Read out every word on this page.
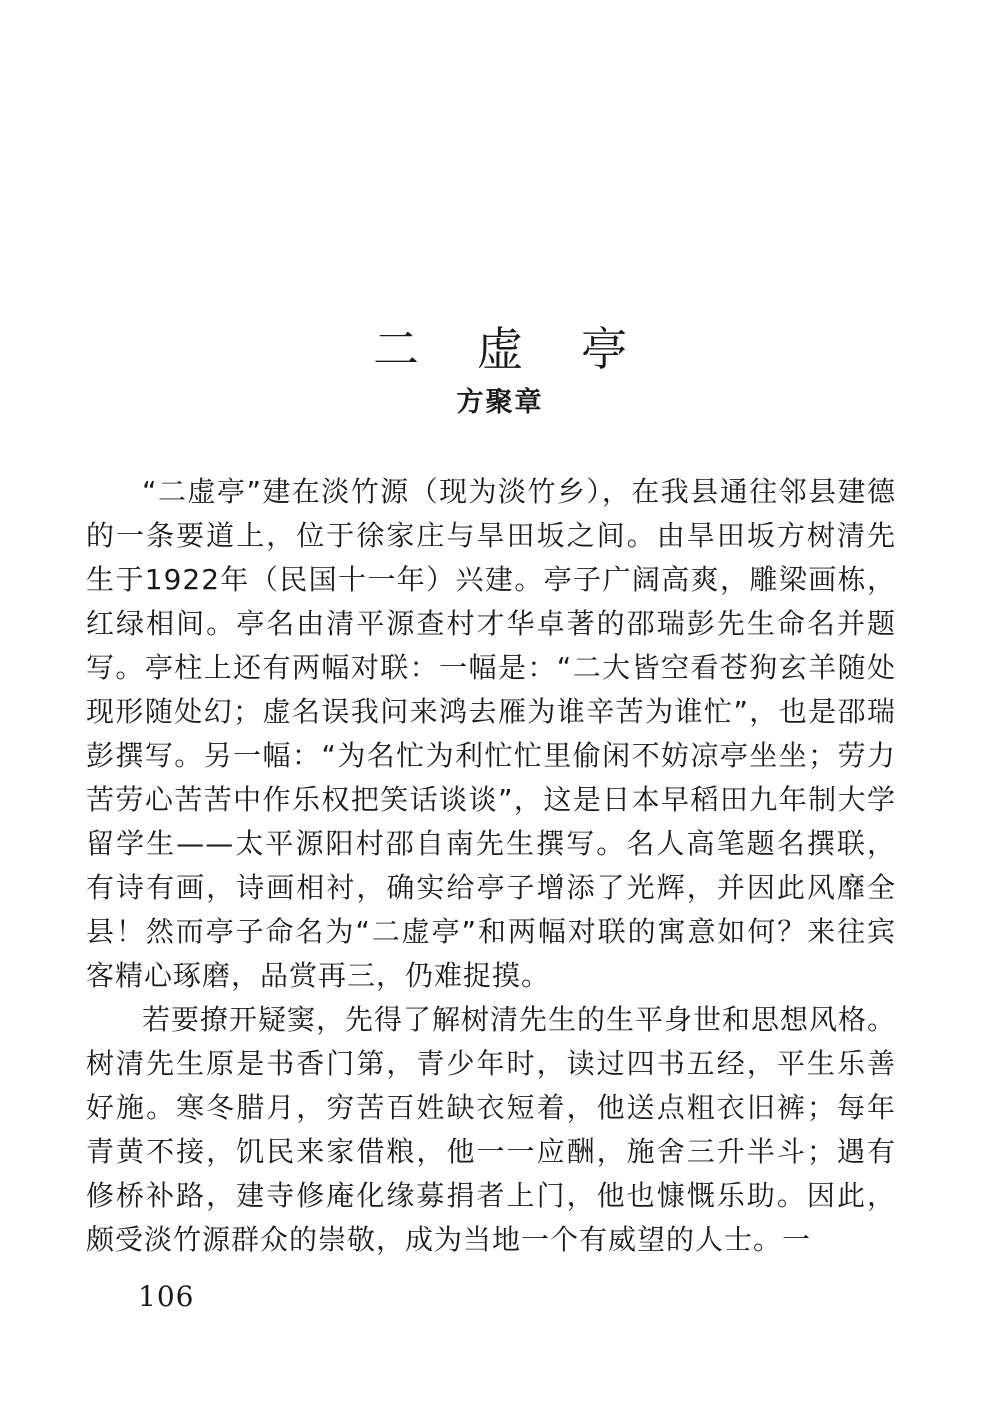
二虚亭
方聚章

“二虚亭”建在淡竹源（现为淡竹乡），在我县通往邻县建德的一条要道上，位于徐家庄与旱田坂之间。由旱田坂方树清先生于1922年（民国十一年）兴建。亭子广阔高爽，雕梁画栋，红绿相间。亭名由清平源查村才华卓著的邵瑞彭先生命名并题写。亭柱上还有两幅对联：一幅是：“二大皆空看苍狗玄羊随处现形随处幻；虚名误我问来鸿去雁为谁辛苦为谁忙”，也是邵瑞彭撰写。另一幅：“为名忙为利忙忙里偷闲不妨凉亭坐坐；劳力苦劳心苦苦中作乐权把笑话谈谈”，这是日本早稻田九年制大学留学生——太平源阳村邵自南先生撰写。名人高笔题名撰联，有诗有画，诗画相衬，确实给亭子增添了光辉，并因此风靡全县！然而亭子命名为“二虚亭”和两幅对联的寓意如何？来往宾客精心琢磨，品赏再三，仍难捉摸。

若要撩开疑窦，先得了解树清先生的生平身世和思想风格。树清先生原是书香门第，青少年时，读过四书五经，平生乐善好施。寒冬腊月，穷苦百姓缺衣短着，他送点粗衣旧裤；每年青黄不接，饥民来家借粮，他一一应酬，施舍三升半斗；遇有修桥补路，建寺修庵化缘募捐者上门，他也慷慨乐助。因此，颇受淡竹源群众的崇敬，成为当地一个有威望的人士。一

106
